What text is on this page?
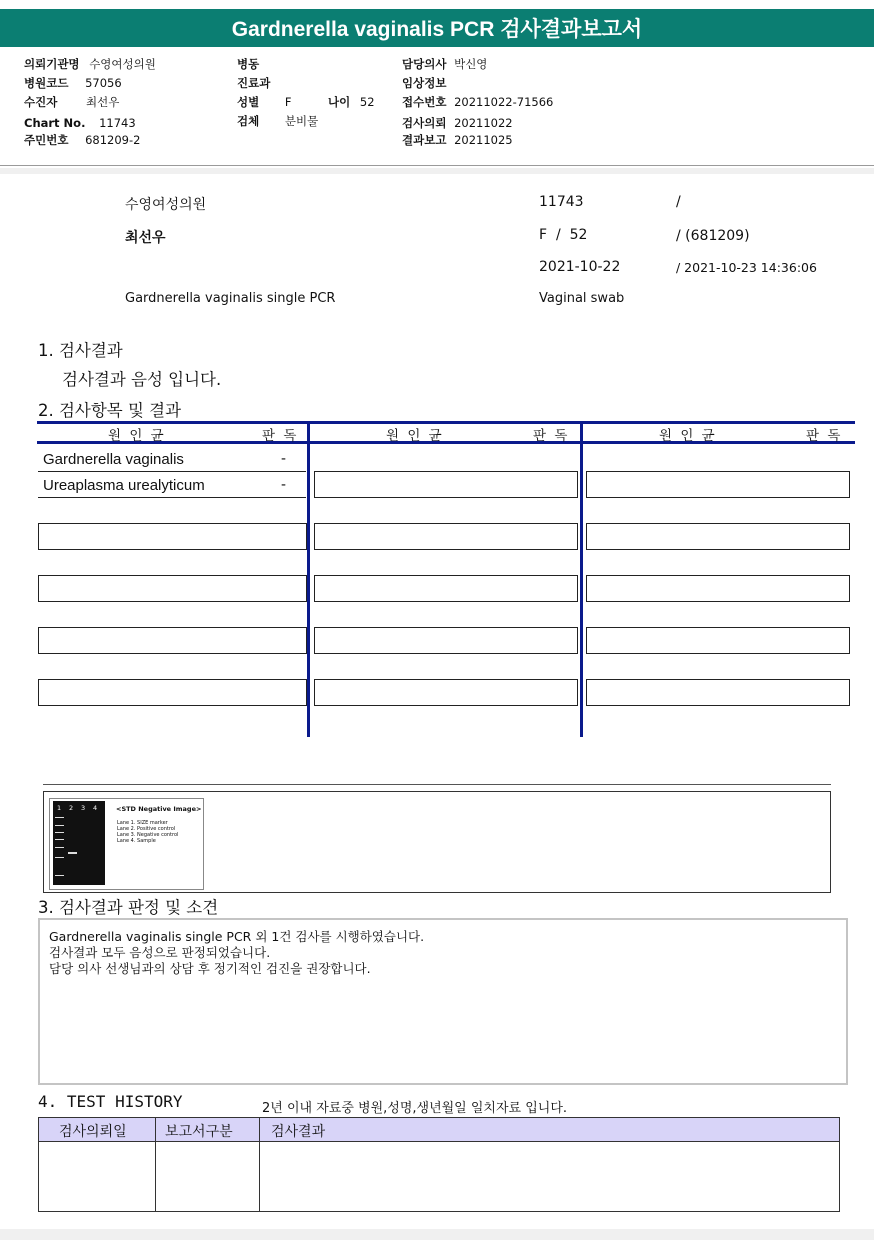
Gardnerella vaginalis PCR 검사결과보고서
의뢰기관명 수영여성의원
병원코드 57056
수진자 최선우
Chart No. 11743
주민번호 681209-2
병동
진료과
성별 F	나이 52
검체 분비물
담당의사 박신영
임상정보
접수번호 20211022-71566
검사의뢰 20211022
결과보고 20211025
수영여성의원	11743	/
최선우	F  /  52	/ (681209)
2021-10-22	/ 2021-10-23 14:36:06
Gardnerella vaginalis single PCR	Vaginal swab
1. 검사결과
검사결과 음성 입니다.
2. 검사항목 및 결과
원 인 균	판 독	원 인 균	판 독	원 인 균	판 독
Gardnerella vaginalis	-
Ureaplasma urealyticum	-
1 2 3 4	<STD Negative Image>
Lane 1. SIZE marker
Lane 2. Positive control
Lane 3. Negative control
Lane 4. Sample
3. 검사결과 판정 및 소견
Gardnerella vaginalis single PCR 외 1건 검사를 시행하였습니다.
검사결과 모두 음성으로 판정되었습니다.
담당 의사 선생님과의 상담 후 정기적인 검진을 권장합니다.
4. TEST HISTORY	2년 이내 자료중 병원,성명,생년월일 일치자료 입니다.
검사의뢰일	보고서구분	검사결과
